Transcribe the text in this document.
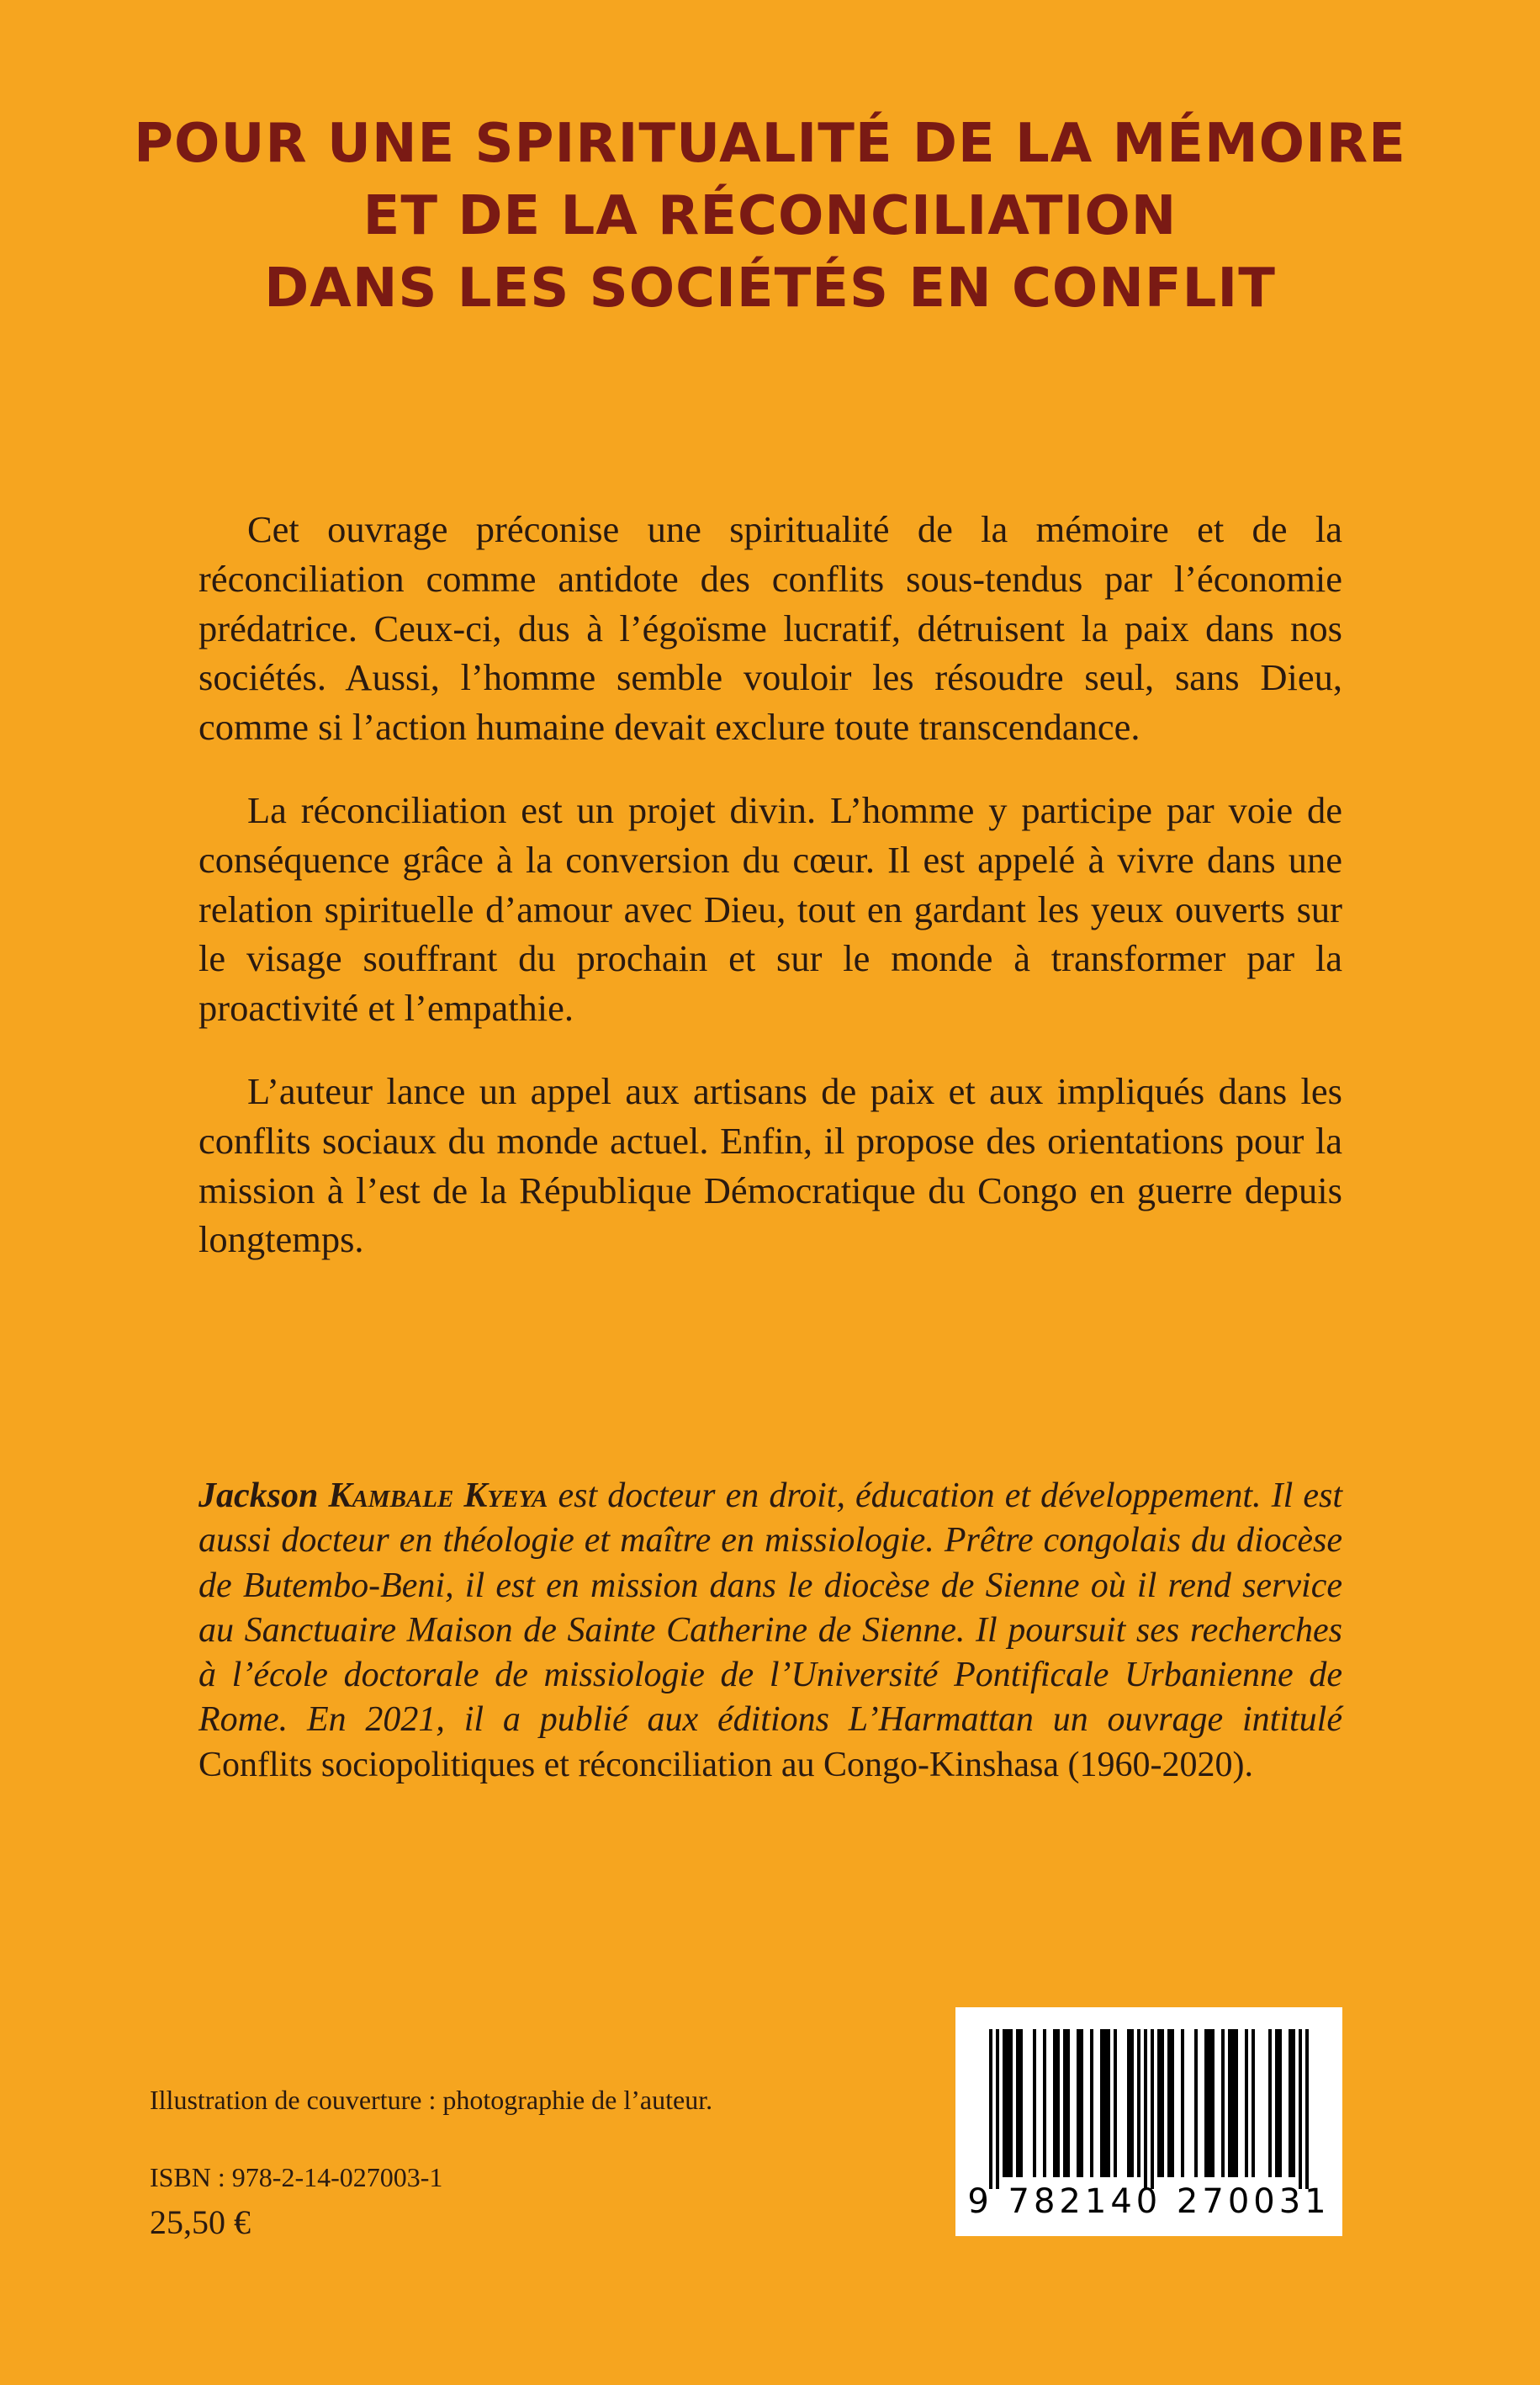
POUR UNE SPIRITUALITÉ DE LA MÉMOIRE
ET DE LA RÉCONCILIATION
DANS LES SOCIÉTÉS EN CONFLIT

Cet ouvrage préconise une spiritualité de la mémoire et de la réconciliation comme antidote des conflits sous-tendus par l’économie prédatrice. Ceux-ci, dus à l’égoïsme lucratif, détruisent la paix dans nos sociétés. Aussi, l’homme semble vouloir les résoudre seul, sans Dieu, comme si l’action humaine devait exclure toute transcendance.

La réconciliation est un projet divin. L’homme y participe par voie de conséquence grâce à la conversion du cœur. Il est appelé à vivre dans une relation spirituelle d’amour avec Dieu, tout en gardant les yeux ouverts sur le visage souffrant du prochain et sur le monde à transformer par la proactivité et l’empathie.

L’auteur lance un appel aux artisans de paix et aux impliqués dans les conflits sociaux du monde actuel. Enfin, il propose des orientations pour la mission à l’est de la République Démocratique du Congo en guerre depuis longtemps.

Jackson Kambale Kyeya est docteur en droit, éducation et développement. Il est aussi docteur en théologie et maître en missiologie. Prêtre congolais du diocèse de Butembo-Beni, il est en mission dans le diocèse de Sienne où il rend service au Sanctuaire Maison de Sainte Catherine de Sienne. Il poursuit ses recherches à l’école doctorale de missiologie de l’Université Pontificale Urbanienne de Rome. En 2021, il a publié aux éditions L’Harmattan un ouvrage intitulé Conflits sociopolitiques et réconciliation au Congo-Kinshasa (1960-2020).
Illustration de couverture : photographie de l’auteur.
ISBN : 978-2-14-027003-1
25,50 €
9 782140 270031
